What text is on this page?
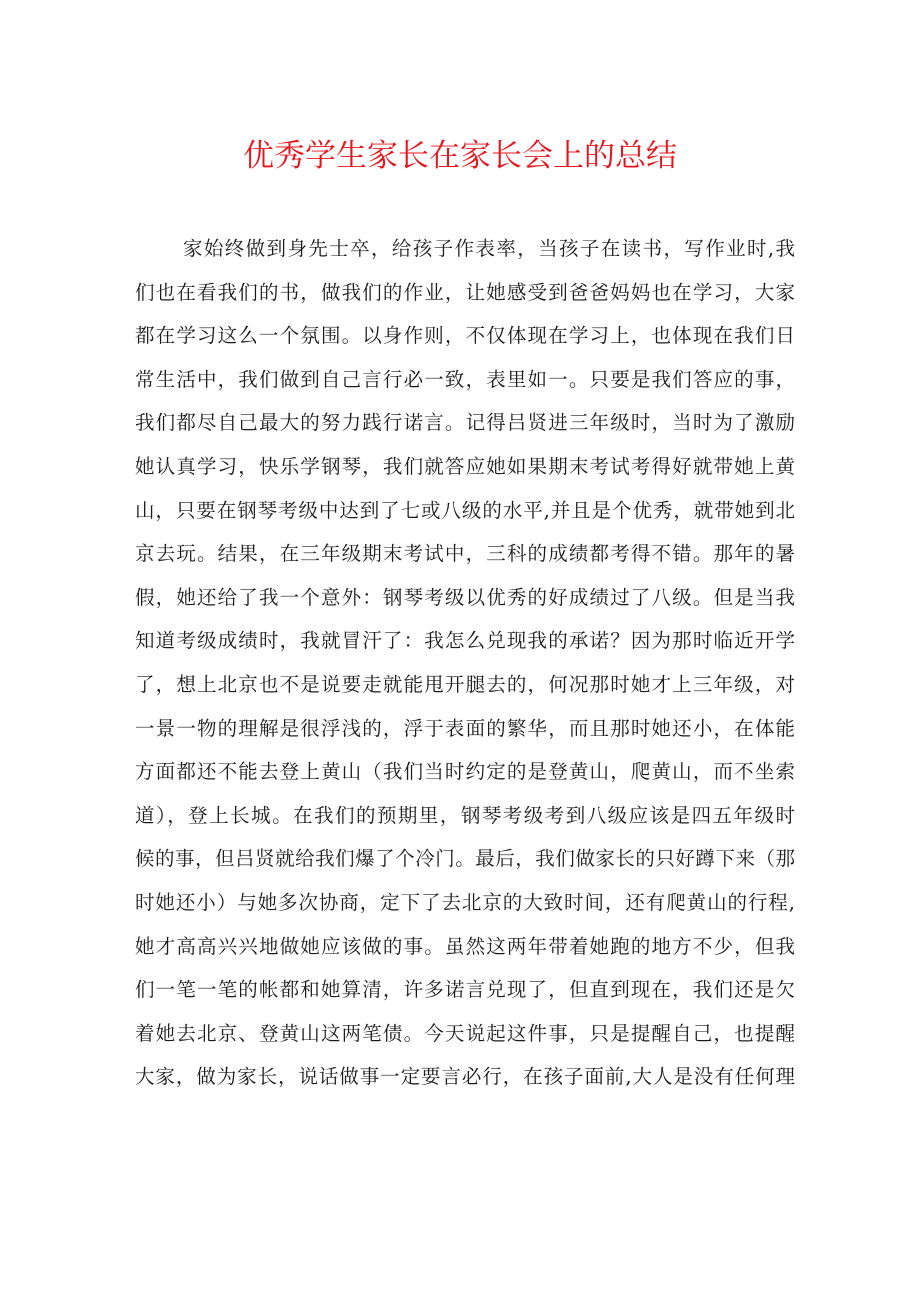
优秀学生家长在家长会上的总结
家始终做到身先士卒，给孩子作表率，当孩子在读书，写作业时,我
们也在看我们的书，做我们的作业，让她感受到爸爸妈妈也在学习，大家
都在学习这么一个氛围。以身作则，不仅体现在学习上，也体现在我们日
常生活中，我们做到自己言行必一致，表里如一。只要是我们答应的事，
我们都尽自己最大的努力践行诺言。记得吕贤进三年级时，当时为了激励
她认真学习，快乐学钢琴，我们就答应她如果期末考试考得好就带她上黄
山，只要在钢琴考级中达到了七或八级的水平,并且是个优秀，就带她到北
京去玩。结果，在三年级期末考试中，三科的成绩都考得不错。那年的暑
假，她还给了我一个意外：钢琴考级以优秀的好成绩过了八级。但是当我
知道考级成绩时，我就冒汗了：我怎么兑现我的承诺？因为那时临近开学
了，想上北京也不是说要走就能甩开腿去的，何况那时她才上三年级，对
一景一物的理解是很浮浅的，浮于表面的繁华，而且那时她还小，在体能
方面都还不能去登上黄山（我们当时约定的是登黄山，爬黄山，而不坐索
道），登上长城。在我们的预期里，钢琴考级考到八级应该是四五年级时
候的事，但吕贤就给我们爆了个冷门。最后，我们做家长的只好蹲下来（那
时她还小）与她多次协商，定下了去北京的大致时间，还有爬黄山的行程,
她才高高兴兴地做她应该做的事。虽然这两年带着她跑的地方不少，但我
们一笔一笔的帐都和她算清，许多诺言兑现了，但直到现在，我们还是欠
着她去北京、登黄山这两笔债。今天说起这件事，只是提醒自己，也提醒
大家，做为家长，说话做事一定要言必行，在孩子面前,大人是没有任何理
